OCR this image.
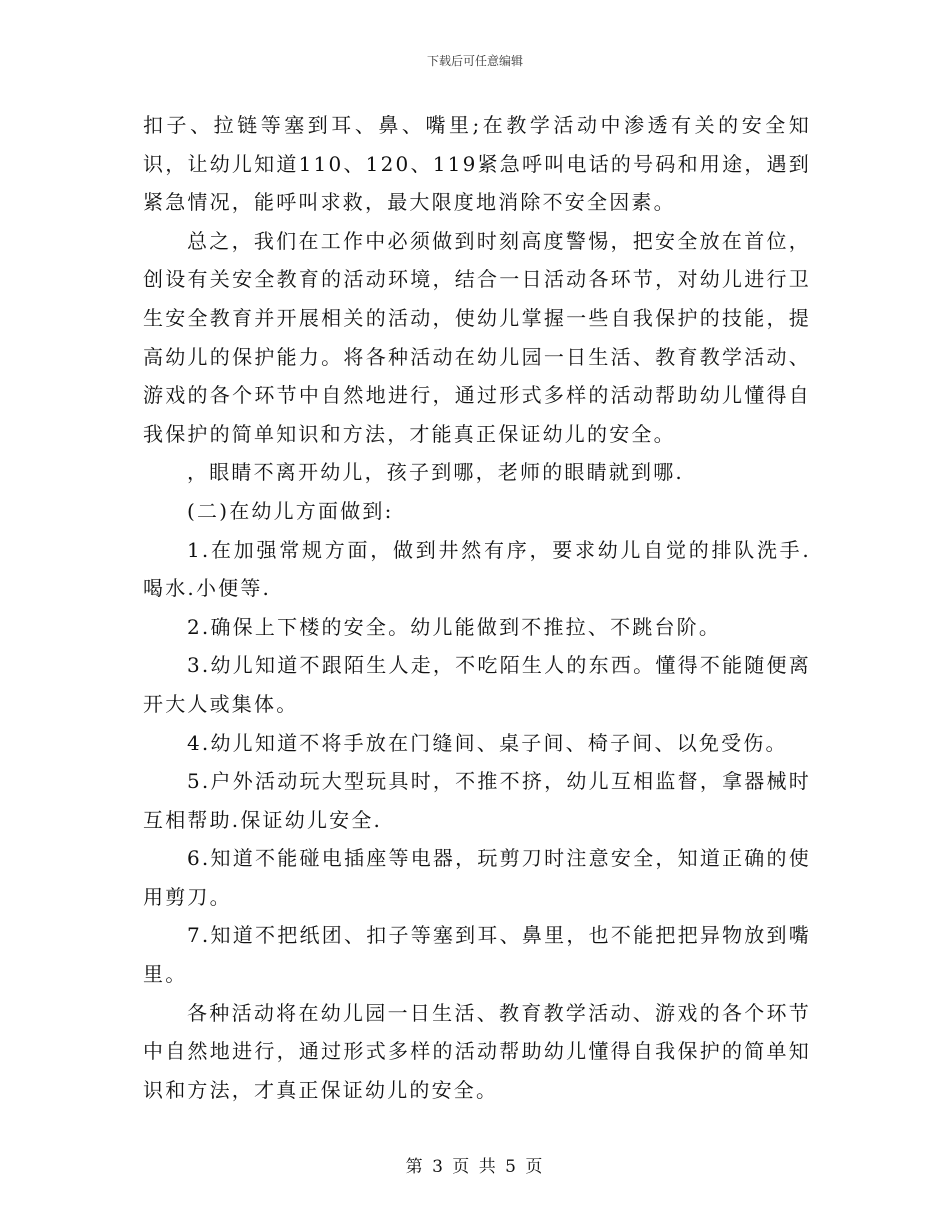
下载后可任意编辑

扣子、拉链等塞到耳、鼻、嘴里;在教学活动中渗透有关的安全知识，让幼儿知道110、120、119紧急呼叫电话的号码和用途，遇到紧急情况，能呼叫求救，最大限度地消除不安全因素。

总之，我们在工作中必须做到时刻高度警惕，把安全放在首位，创设有关安全教育的活动环境，结合一日活动各环节，对幼儿进行卫生安全教育并开展相关的活动，使幼儿掌握一些自我保护的技能，提高幼儿的保护能力。将各种活动在幼儿园一日生活、教育教学活动、游戏的各个环节中自然地进行，通过形式多样的活动帮助幼儿懂得自我保护的简单知识和方法，才能真正保证幼儿的安全。

，眼睛不离开幼儿，孩子到哪，老师的眼睛就到哪.

(二)在幼儿方面做到:

1.在加强常规方面，做到井然有序，要求幼儿自觉的排队洗手.喝水.小便等.

2.确保上下楼的安全。幼儿能做到不推拉、不跳台阶。

3.幼儿知道不跟陌生人走，不吃陌生人的东西。懂得不能随便离开大人或集体。

4.幼儿知道不将手放在门缝间、桌子间、椅子间、以免受伤。

5.户外活动玩大型玩具时，不推不挤，幼儿互相监督，拿器械时互相帮助.保证幼儿安全.

6.知道不能碰电插座等电器，玩剪刀时注意安全，知道正确的使用剪刀。

7.知道不把纸团、扣子等塞到耳、鼻里，也不能把把异物放到嘴里。

各种活动将在幼儿园一日生活、教育教学活动、游戏的各个环节中自然地进行，通过形式多样的活动帮助幼儿懂得自我保护的简单知识和方法，才真正保证幼儿的安全。

第 3 页 共 5 页
